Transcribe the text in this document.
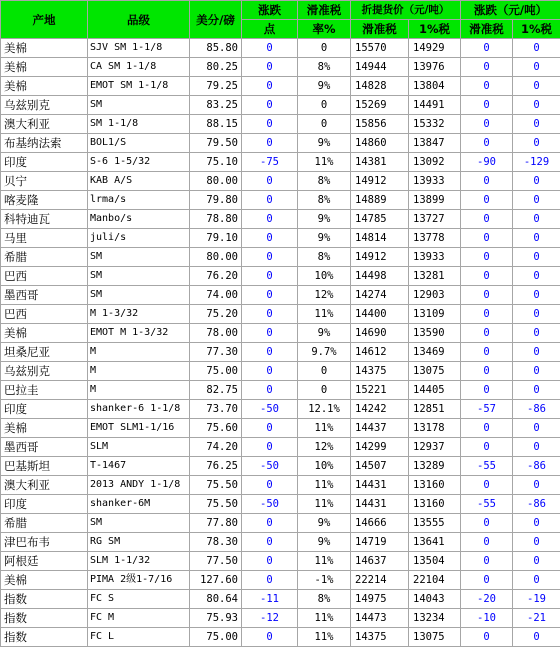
产地	品级	美分/磅	涨跌	滑准税	折提货价（元/吨）		涨跌（元/吨）	
			点	率%	滑准税	1%税	滑准税	1%税
美棉	SJV SM 1-1/8	85.80	0	0	15570	14929	0	0
美棉	CA SM 1-1/8	80.25	0	8%	14944	13976	0	0
美棉	EMOT SM 1-1/8	79.25	0	9%	14828	13804	0	0
乌兹别克	SM	83.25	0	0	15269	14491	0	0
澳大利亚	SM 1-1/8	88.15	0	0	15856	15332	0	0
布基纳法索	BOL1/S	79.50	0	9%	14860	13847	0	0
印度	S-6 1-5/32	75.10	-75	11%	14381	13092	-90	-129
贝宁	KAB A/S	80.00	0	8%	14912	13933	0	0
喀麦隆	lrma/s	79.80	0	8%	14889	13899	0	0
科特迪瓦	Manbo/s	78.80	0	9%	14785	13727	0	0
马里	juli/s	79.10	0	9%	14814	13778	0	0
希腊	SM	80.00	0	8%	14912	13933	0	0
巴西	SM	76.20	0	10%	14498	13281	0	0
墨西哥	SM	74.00	0	12%	14274	12903	0	0
巴西	M 1-3/32	75.20	0	11%	14400	13109	0	0
美棉	EMOT M 1-3/32	78.00	0	9%	14690	13590	0	0
坦桑尼亚	M	77.30	0	9.7%	14612	13469	0	0
乌兹别克	M	75.00	0	0	14375	13075	0	0
巴拉圭	M	82.75	0	0	15221	14405	0	0
印度	shanker-6 1-1/8	73.70	-50	12.1%	14242	12851	-57	-86
美棉	EMOT SLM1-1/16	75.60	0	11%	14437	13178	0	0
墨西哥	SLM	74.20	0	12%	14299	12937	0	0
巴基斯坦	T-1467	76.25	-50	10%	14507	13289	-55	-86
澳大利亚	2013 ANDY 1-1/8	75.50	0	11%	14431	13160	0	0
印度	shanker-6M	75.50	-50	11%	14431	13160	-55	-86
希腊	SM	77.80	0	9%	14666	13555	0	0
津巴布韦	RG SM	78.30	0	9%	14719	13641	0	0
阿根廷	SLM 1-1/32	77.50	0	11%	14637	13504	0	0
美棉	PIMA 2级1-7/16	127.60	0	-1%	22214	22104	0	0
指数	FC S	80.64	-11	8%	14975	14043	-20	-19
指数	FC M	75.93	-12	11%	14473	13234	-10	-21
指数	FC L	75.00	0	11%	14375	13075	0	0
